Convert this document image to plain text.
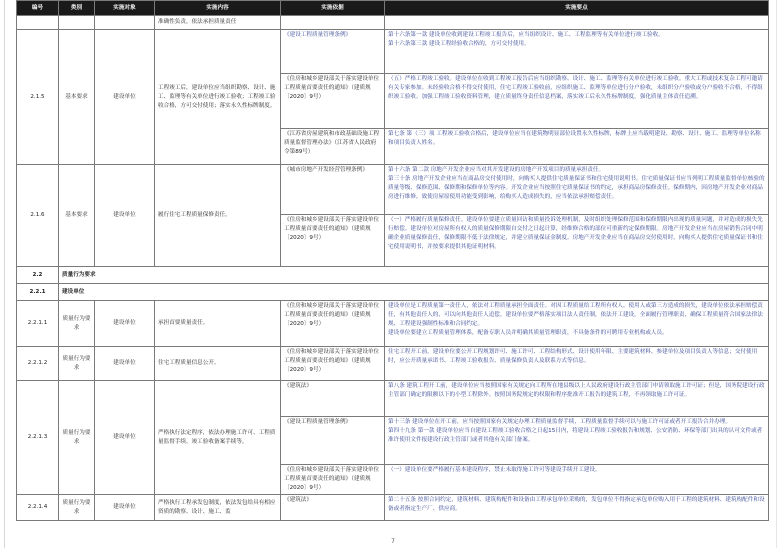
编号	类别	实施对象	实施内容	实施依据	实施要点
			准确性负责，依法承担质量责任		
2.1.5	基本要求	建设单位	工程竣工后，建设单位应当组织勘察、设计、施工、监理等有关单位进行竣工验收；工程竣工验收合格，方可交付使用；落实永久性标牌制度。	《建设工程质量管理条例》	第十六条第一款 建设单位收到建设工程竣工报告后，应当组织设计、施工、工程监理等有关单位进行竣工验收。
第十六条第三款 建设工程经验收合格的，方可交付使用。
				《住房和城乡建设部关于落实建设单位工程质量首要责任的通知》（建质规〔2020〕9号）	（五）严格工程竣工验收。建设单位在收到工程竣工报告后应当组织勘察、设计、施工、监理等有关单位进行竣工验收。重大工程或技术复杂工程可邀请有关专家参加。未经验收合格不得交付使用，住宅工程竣工验收前，应组织施工、监理等单位进行分户验收，未组织分户验收或分户验收不合格，不得组织竣工验收。加强工程竣工验收资料管理，建立质量终身责任信息档案，落实竣工后永久性标牌制度，强化质量主体责任追溯。
				《江苏省房屋建筑和市政基础设施工程质量监督管理办法》（江苏省人民政府令第89号）	第七条 第（三）项 工程竣工验收合格后，建设单位应当在建筑物明显部位设置永久性标牌，标牌上应当载明建设、勘察、设计、施工、监理等单位名称和项目负责人姓名。
2.1.6	基本要求	建设单位	履行住宅工程质量保修责任。	《城市房地产开发经营管理条例》	第十六条 第二款 房地产开发企业应当对其开发建设的房地产开发项目的质量承担责任。
第三十条 房地产开发企业应当在商品房交付使用时，向购买人提供住宅质量保证书和住宅使用说明书。住宅质量保证书应当列明工程质量监督单位核验的质量等级、保修范围、保修期和保修单位等内容。开发企业应当按照住宅质量保证书的约定，承担商品房保修责任。保修期内，因房地产开发企业对商品房进行维修，致使房屋原使用功能受到影响，给购买人造成损失的，应当依法承担赔偿责任。
				《住房和城乡建设部关于落实建设单位工程质量首要责任的通知》（建质规〔2020〕9号）	（一）严格履行质量保修责任。建设单位要建立质量回访和质量投诉处理机制，及时组织处理保修范围和保修期限内出现的质量问题，并对造成的损失先行赔偿。建设单位对房屋所有权人的质量保修期限自交付之日起计算，经维修合格的部位可重新约定保修期限。房地产开发企业应当在房屋销售合同中明确企业质量保修责任，保修期限不低于法律规定，并建立质量保证金制度。房地产开发企业应当在商品房交付使用时，向购买人提供住宅质量保证书和住宅使用说明书，并按要求提供其他证明材料。
2.2	质量行为要求				
2.2.1	建设单位				
2.2.1.1	质量行为要求	建设单位	承担首要质量责任。	《住房和城乡建设部关于落实建设单位工程质量首要责任的通知》（建质规〔2020〕9号）	建设单位是工程质量第一责任人，依法对工程质量承担全面责任。对因工程质量给工程所有权人、使用人或第三方造成的损失，建设单位依法承担赔偿责任，有其他责任人的，可以向其他责任人追偿。建设单位要严格落实项目法人责任制，依法开工建设，全面履行管理职责，确保工程质量符合国家法律法规、工程建设强制性标准和合同约定。
建设单位要建立工程质量管理体系，配备专职人员并明确其质量管理职责，不具备条件的可聘用专业机构或人员。
2.2.1.2	质量行为要求	建设单位	住宅工程质量信息公开。	《住房和城乡建设部关于落实建设单位工程质量首要责任的通知》（建质规〔2020〕9号）	住宅工程开工前，建设单位要公开工程规划许可、施工许可、工程结构形式、设计使用年限、主要建筑材料、参建单位及项目负责人等信息；交付使用时，应公开质量承诺书、工程竣工验收报告、质量保修负责人及联系方式等信息。
2.2.1.3	质量行为要求	建设单位	严格执行法定程序，依法办理施工许可、工程质量监督手续、竣工验收备案手续等。	《建筑法》	第八条 建筑工程开工前，建设单位应当按照国家有关规定向工程所在地县级以上人民政府建设行政主管部门申请领取施工许可证；但是，国务院建设行政主管部门确定的限额以下的小型工程除外。按照国务院规定的权限和程序批准开工报告的建筑工程，不再领取施工许可证。
				《建设工程质量管理条例》	第十三条 建设单位在开工前，应当按照国家有关规定办理工程质量监督手续，工程质量监督手续可以与施工许可证或者开工报告合并办理。
第四十九条 第一款 建设单位应当自建设工程竣工验收合格之日起15日内，将建设工程竣工验收报告和规划、公安消防、环保等部门出具的认可文件或者准许使用文件报建设行政主管部门或者其他有关部门备案。
				《住房和城乡建设部关于落实建设单位工程质量首要责任的通知》（建质规〔2020〕9号）	（一）建设单位要严格履行基本建设程序，禁止未取得施工许可等建设手续开工建设。
2.2.1.4	质量行为要求	建设单位	严格执行工程承发包制度，依法发包给具有相应资质的勘察、设计、施工、监	《建筑法》	第二十五条 按照合同约定，建筑材料、建筑构配件和设备由工程承包单位采购的，发包单位不得指定承包单位购入用于工程的建筑材料、建筑构配件和设备或者指定生产厂、供应商。
7
